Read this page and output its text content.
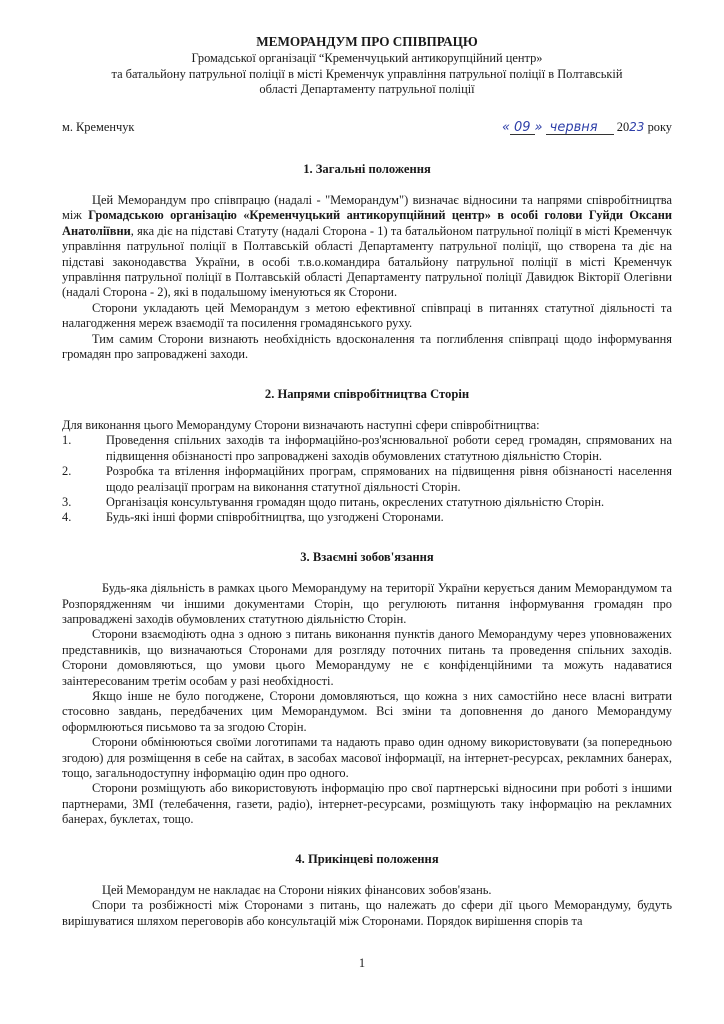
МЕМОРАНДУМ ПРО СПІВПРАЦЮ

Громадської організації “Кременчуцький антикорупційний центр»

та батальйону патрульної поліції в місті Кременчук управління патрульної поліції в Полтавській

області Департаменту патрульної поліції

м. Кременчук	« 09 » червня 2023 року
1. Загальні положення

Цей Меморандум про співпрацю (надалі - "Меморандум") визначає відносини та напрями співробітництва між Громадською організацію «Кременчуцький антикорупційний центр» в особі голови Гуйди Оксани Анатоліївни, яка діє на підставі Статуту (надалі Сторона - 1) та батальйоном патрульної поліції в місті Кременчук управління патрульної поліції в Полтавській області Департаменту патрульної поліції, що створена та діє на підставі законодавства України, в особі т.в.о.командира батальйону патрульної поліції в місті Кременчук управління патрульної поліції в Полтавській області Департаменту патрульної поліції Давидюк Вікторії Олегівни (надалі Сторона - 2), які в подальшому іменуються як Сторони.

Сторони укладають цей Меморандум з метою ефективної співпраці в питаннях статутної діяльності та налагодження мереж взаємодії та посилення громадянського руху.

Тим самим Сторони визнають необхідність вдосконалення та поглиблення співпраці щодо інформування громадян про запроваджені заходи.

2. Напрями співробітництва Сторін

Для виконання цього Меморандуму Сторони визначають наступні сфери співробітництва:

1.	Проведення спільних заходів та інформаційно-роз'яснювальної роботи серед громадян, спрямованих на підвищення обізнаності про запроваджені заходів обумовлених статутною діяльністю Сторін.
2.	Розробка та втілення інформаційних програм, спрямованих на підвищення рівня обізнаності населення щодо реалізації програм на виконання статутної діяльності Сторін.
3.	Організація консультування громадян щодо питань, окреслених статутною діяльністю Сторін.
4.	Будь-які інші форми співробітництва, що узгоджені Сторонами.
3. Взаємні зобов'язання

Будь-яка діяльність в рамках цього Меморандуму на території України керується даним Меморандумом та Розпорядженням чи іншими документами Сторін, що регулюють питання інформування громадян про запроваджені заходів обумовлених статутною діяльністю Сторін.

Сторони взаємодіють одна з одною з питань виконання пунктів даного Меморандуму через уповноважених представників, що визначаються Сторонами для розгляду поточних питань та проведення спільних заходів. Сторони домовляються, що умови цього Меморандуму не є конфіденційними та можуть надаватися заінтересованим третім особам у разі необхідності.

Якщо інше не було погоджене, Сторони домовляються, що кожна з них самостійно несе власні витрати стосовно завдань, передбачених цим Меморандумом. Всі зміни та доповнення до даного Меморандуму оформлюються письмово та за згодою Сторін.

Сторони обмінюються своїми логотипами та надають право один одному використовувати (за попередньою згодою) для розміщення в себе на сайтах, в засобах масової інформації, на інтернет-ресурсах, рекламних банерах, тощо, загальнодоступну інформацію один про одного.

Сторони розміщують або використовують інформацію про свої партнерські відносини при роботі з іншими партнерами, ЗМІ (телебачення, газети, радіо), інтернет-ресурсами, розміщують таку інформацію на рекламних банерах, буклетах, тощо.

4. Прикінцеві положення

Цей Меморандум не накладає на Сторони ніяких фінансових зобов'язань.

Спори та розбіжності між Сторонами з питань, що належать до сфери дії цього Меморандуму, будуть вирішуватися шляхом переговорів або консультацій між Сторонами. Порядок вирішення спорів та

1
